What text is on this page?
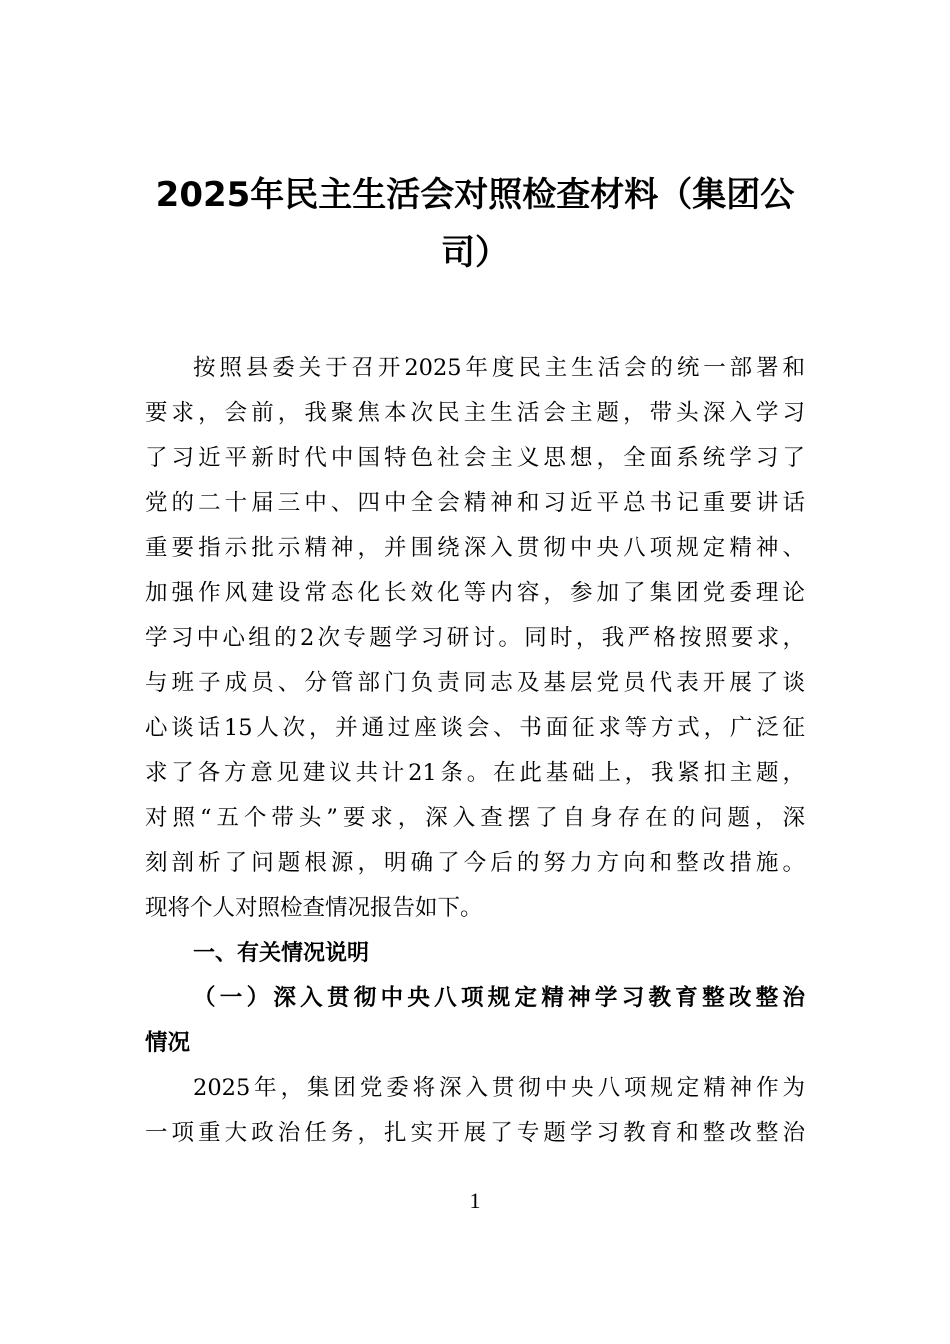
2025年民主生活会对照检查材料（集团公
司）
按照县委关于召开2025年度民主生活会的统一部署和
要求，会前，我聚焦本次民主生活会主题，带头深入学习
了习近平新时代中国特色社会主义思想，全面系统学习了
党的二十届三中、四中全会精神和习近平总书记重要讲话
重要指示批示精神，并围绕深入贯彻中央八项规定精神、
加强作风建设常态化长效化等内容，参加了集团党委理论
学习中心组的2次专题学习研讨。同时，我严格按照要求，
与班子成员、分管部门负责同志及基层党员代表开展了谈
心谈话15人次，并通过座谈会、书面征求等方式，广泛征
求了各方意见建议共计21条。在此基础上，我紧扣主题，
对照“五个带头”要求，深入查摆了自身存在的问题，深
刻剖析了问题根源，明确了今后的努力方向和整改措施。
现将个人对照检查情况报告如下。
一、有关情况说明
（一）深入贯彻中央八项规定精神学习教育整改整治
情况
2025年，集团党委将深入贯彻中央八项规定精神作为
一项重大政治任务，扎实开展了专题学习教育和整改整治
1
